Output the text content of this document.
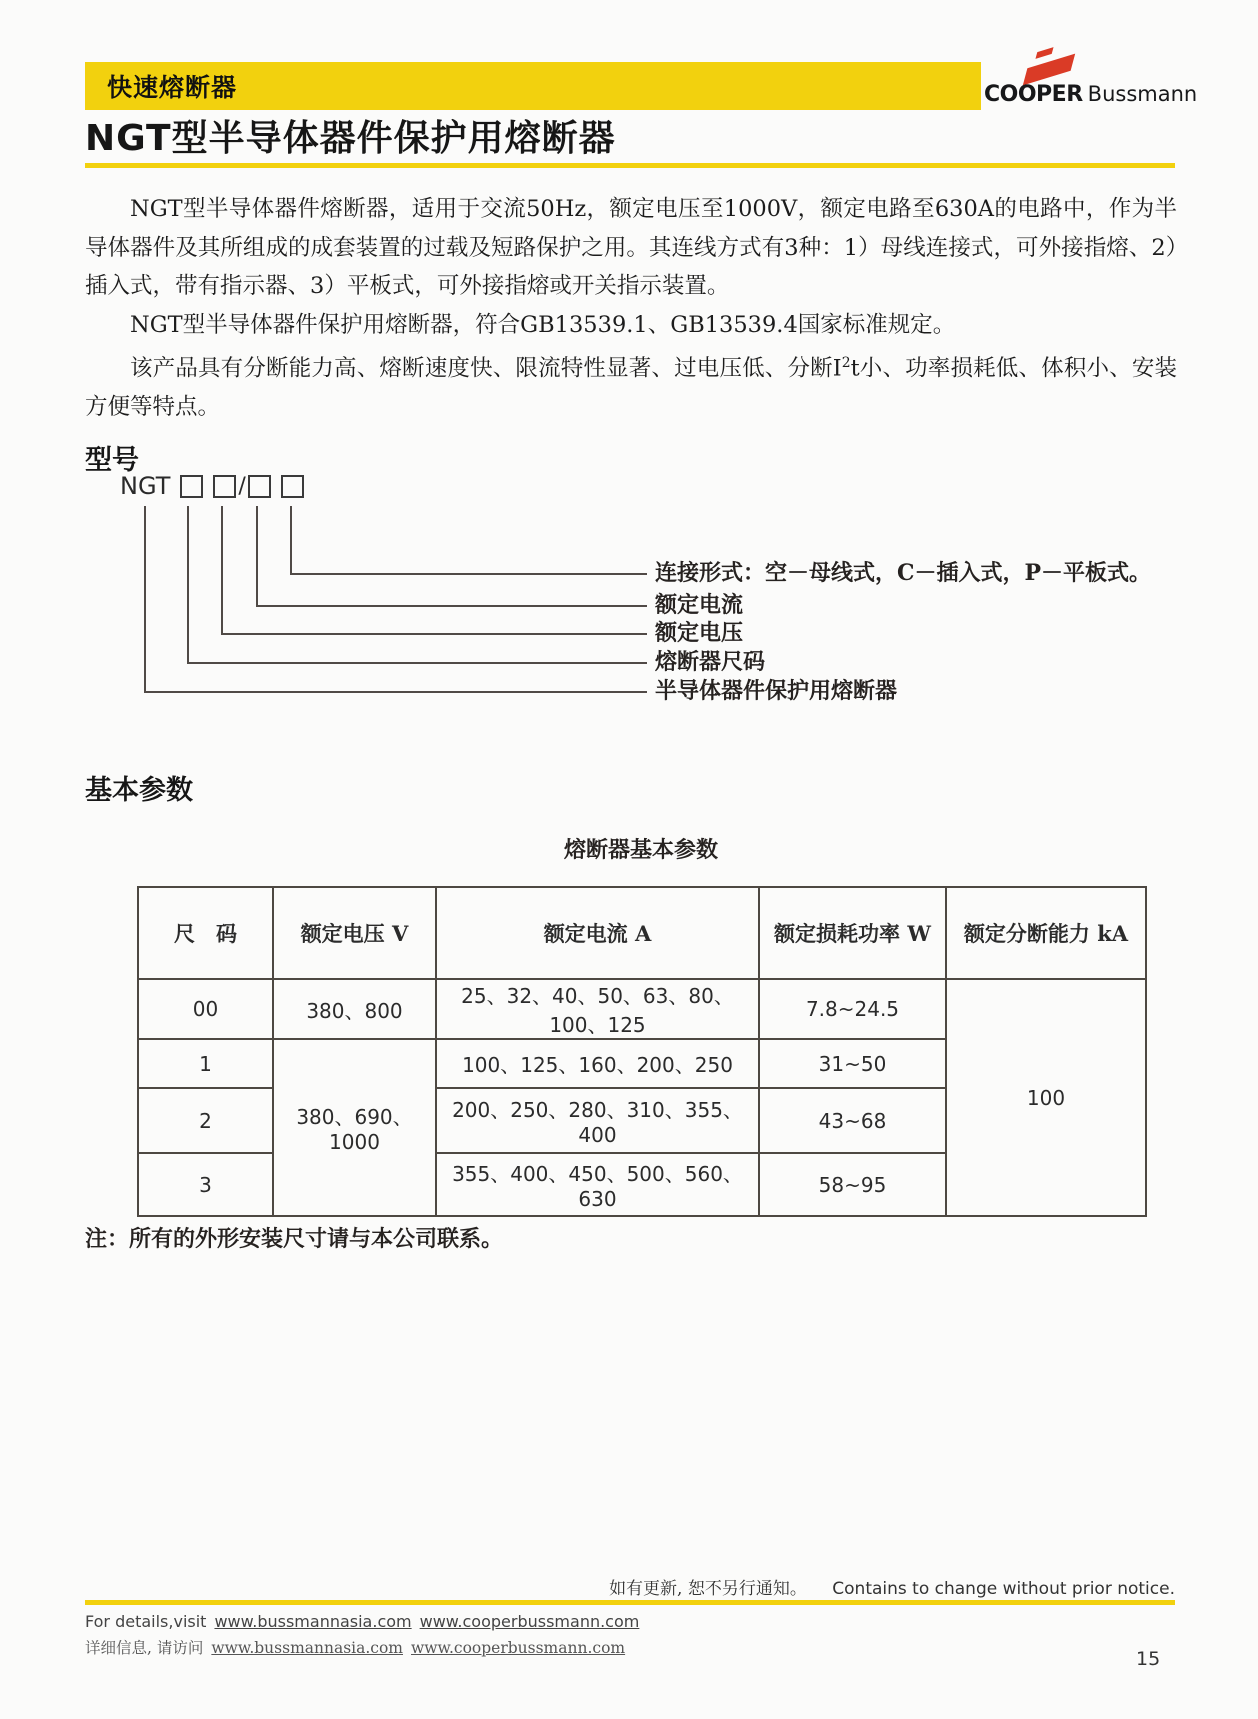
快速熔断器	COOPER Bussmann
NGT型半导体器件保护用熔断器

NGT型半导体器件熔断器，适用于交流50Hz，额定电压至1000V，额定电路至630A的电路中，作为半导体器件及其所组成的成套装置的过载及短路保护之用。其连线方式有3种：1）母线连接式，可外接指熔、2）插入式，带有指示器、3）平板式，可外接指熔或开关指示装置。

NGT型半导体器件保护用熔断器，符合GB13539.1、GB13539.4国家标准规定。

该产品具有分断能力高、熔断速度快、限流特性显著、过电压低、分断$I^2t$小、功率损耗低、体积小、安装方便等特点。

型号
NGT	/
连接形式：空－母线式，C－插入式，P－平板式。
额定电流
额定电压
熔断器尺码
半导体器件保护用熔断器
基本参数
熔断器基本参数
尺　码	额定电压 V	额定电流 A	额定损耗功率 W	额定分断能力 kA
00	380、800	25、32、40、50、63、80、100、125	7.8~24.5	100
1	380、690、1000	100、125、160、200、250	31~50	
2		200、250、280、310、355、400	43~68	
3		355、400、450、500、560、630	58~95	
注：所有的外形安装尺寸请与本公司联系。
如有更新, 恕不另行通知。 Contains to change without prior notice.
For details,visit www.bussmannasia.com www.cooperbussmann.com
详细信息, 请访问 www.bussmannasia.com www.cooperbussmann.com	15
